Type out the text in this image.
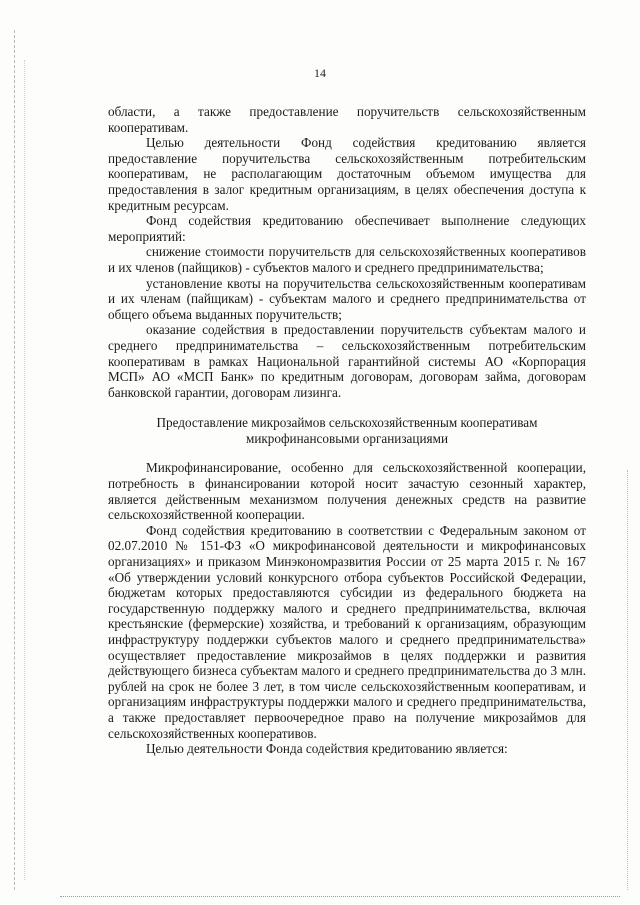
14

области, а также предоставление поручительств сельскохозяйственным кооперативам.

Целью деятельности Фонд содействия кредитованию является предоставление поручительства сельскохозяйственным потребительским кооперативам, не располагающим достаточным объемом имущества для предоставления в залог кредитным организациям, в целях обеспечения доступа к кредитным ресурсам.

Фонд содействия кредитованию обеспечивает выполнение следующих мероприятий:

снижение стоимости поручительств для сельскохозяйственных кооперативов и их членов (пайщиков) - субъектов малого и среднего предпринимательства;

установление квоты на поручительства сельскохозяйственным кооперативам и их членам (пайщикам) - субъектам малого и среднего предпринимательства от общего объема выданных поручительств;

оказание содействия в предоставлении поручительств субъектам малого и среднего предпринимательства – сельскохозяйственным потребительским кооперативам в рамках Национальной гарантийной системы АО «Корпорация МСП» АО «МСП Банк» по кредитным договорам, договорам займа, договорам банковской гарантии, договорам лизинга.

Предоставление микрозаймов сельскохозяйственным кооперативам
микрофинансовыми организациями

Микрофинансирование, особенно для сельскохозяйственной кооперации, потребность в финансировании которой носит зачастую сезонный характер, является действенным механизмом получения денежных средств на развитие сельскохозяйственной кооперации.

Фонд содействия кредитованию в соответствии с Федеральным законом от 02.07.2010 № 151-ФЗ «О микрофинансовой деятельности и микрофинансовых организациях» и приказом Минэкономразвития России от 25 марта 2015 г. № 167 «Об утверждении условий конкурсного отбора субъектов Российской Федерации, бюджетам которых предоставляются субсидии из федерального бюджета на государственную поддержку малого и среднего предпринимательства, включая крестьянские (фермерские) хозяйства, и требований к организациям, образующим инфраструктуру поддержки субъектов малого и среднего предпринимательства» осуществляет предоставление микрозаймов в целях поддержки и развития действующего бизнеса субъектам малого и среднего предпринимательства до 3 млн. рублей на срок не более 3 лет, в том числе сельскохозяйственным кооперативам, и организациям инфраструктуры поддержки малого и среднего предпринимательства, а также предоставляет первоочередное право на получение микрозаймов для сельскохозяйственных кооперативов.

Целью деятельности Фонда содействия кредитованию является:
